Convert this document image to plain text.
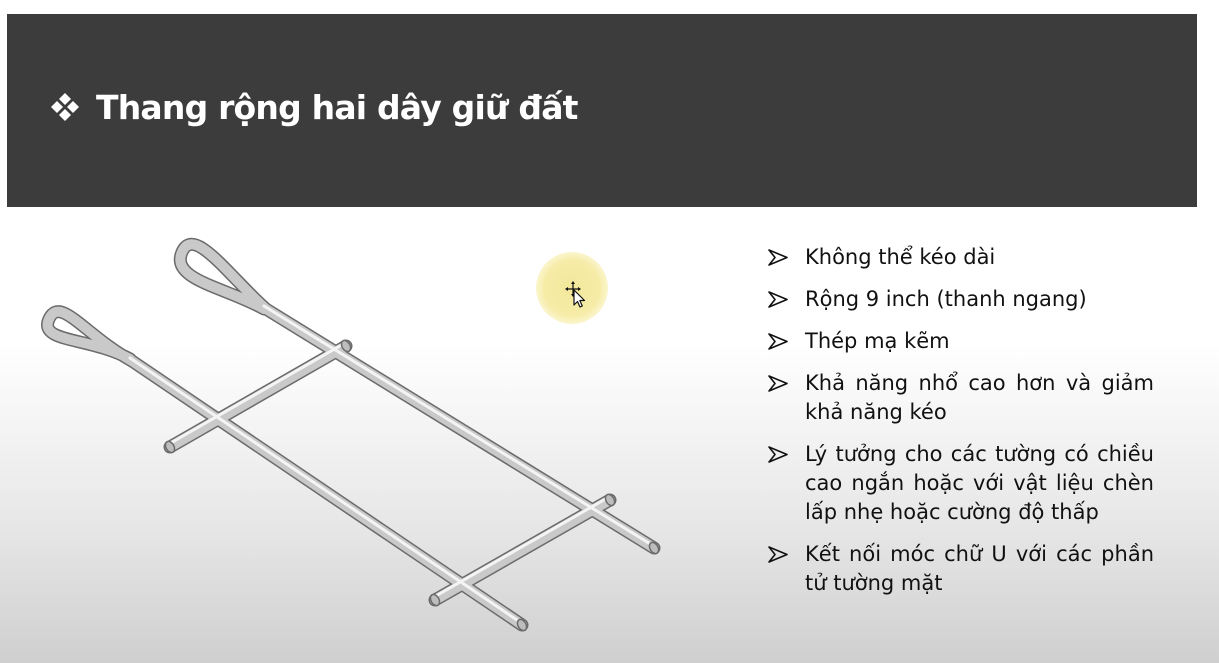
Thang rộng hai dây giữ đất
Không thể kéo dài
Rộng 9 inch (thanh ngang)
Thép mạ kẽm
Khả năng nhổ cao hơn và giảm khả năng kéo
Lý tưởng cho các tường có chiều cao ngắn hoặc với vật liệu chèn lấp nhẹ hoặc cường độ thấp
Kết nối móc chữ U với các phần tử tường mặt
